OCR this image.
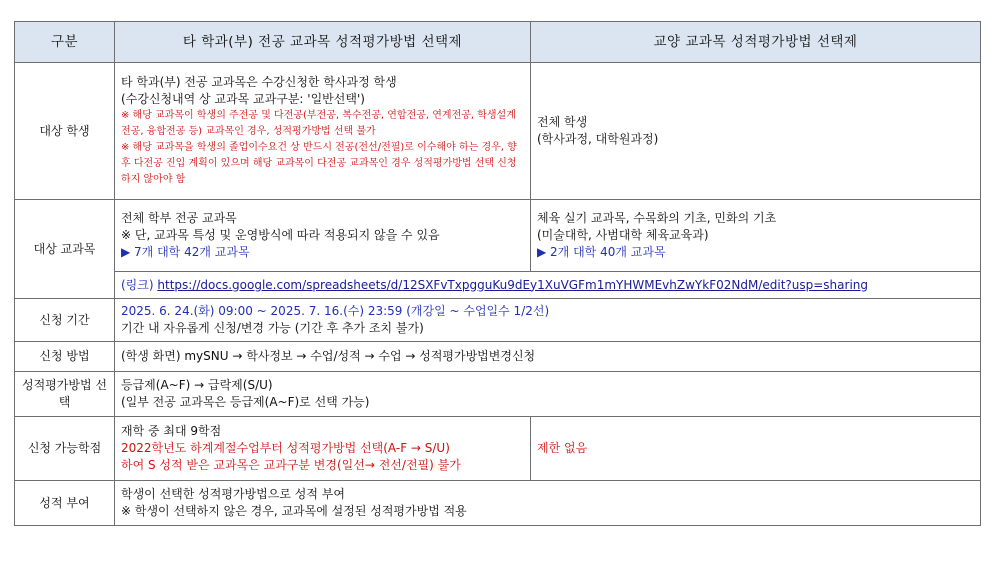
구분	타 학과(부) 전공 교과목 성적평가방법 선택제	교양 교과목 성적평가방법 선택제
대상 학생	타 학과(부) 전공 교과목은 수강신청한 학사과정 학생
(수강신청내역 상 교과목 교과구분: '일반선택')
※ 해당 교과목이 학생의 주전공 및 다전공(부전공, 복수전공, 연합전공, 연계전공, 학생설계전공, 융합전공 등) 교과목인 경우, 성적평가방법 선택 불가
※ 해당 교과목을 학생의 졸업이수요건 상 반드시 전공(전선/전필)로 이수해야 하는 경우, 향후 다전공 진입 계획이 있으며 해당 교과목이 다전공 교과목인 경우 성적평가방법 선택 신청하지 않아야 함	전체 학생
(학사과정, 대학원과정)

대상 교과목	전체 학부 전공 교과목
※ 단, 교과목 특성 및 운영방식에 따라 적용되지 않을 수 있음
▶ 7개 대학 42개 교과목	체육 실기 교과목, 수목화의 기초, 민화의 기초
(미술대학, 사범대학 체육교육과)
▶ 2개 대학 40개 교과목

	(링크) https://docs.google.com/spreadsheets/d/12SXFvTxpgguKu9dEy1XuVGFm1mYHWMEvhZwYkF02NdM/edit?usp=sharing	

신청 기간	2025. 6. 24.(화) 09:00 ~ 2025. 7. 16.(수) 23:59 (개강일 ~ 수업일수 1/2선)
기간 내 자유롭게 신청/변경 가능 (기간 후 추가 조치 불가)	

신청 방법	(학생 화면) mySNU → 학사정보 → 수업/성적 → 수업 → 성적평가방법변경신청	

성적평가방법 선택	등급제(A~F) → 급락제(S/U)
(일부 전공 교과목은 등급제(A~F)로 선택 가능)	

신청 가능학점	재학 중 최대 9학점
2022학년도 하계계절수업부터 성적평가방법 선택(A-F → S/U)
하여 S 성적 받은 교과목은 교과구분 변경(일선→ 전선/전필) 불가	제한 없음

성적 부여	학생이 선택한 성적평가방법으로 성적 부여
※ 학생이 선택하지 않은 경우, 교과목에 설정된 성적평가방법 적용	
